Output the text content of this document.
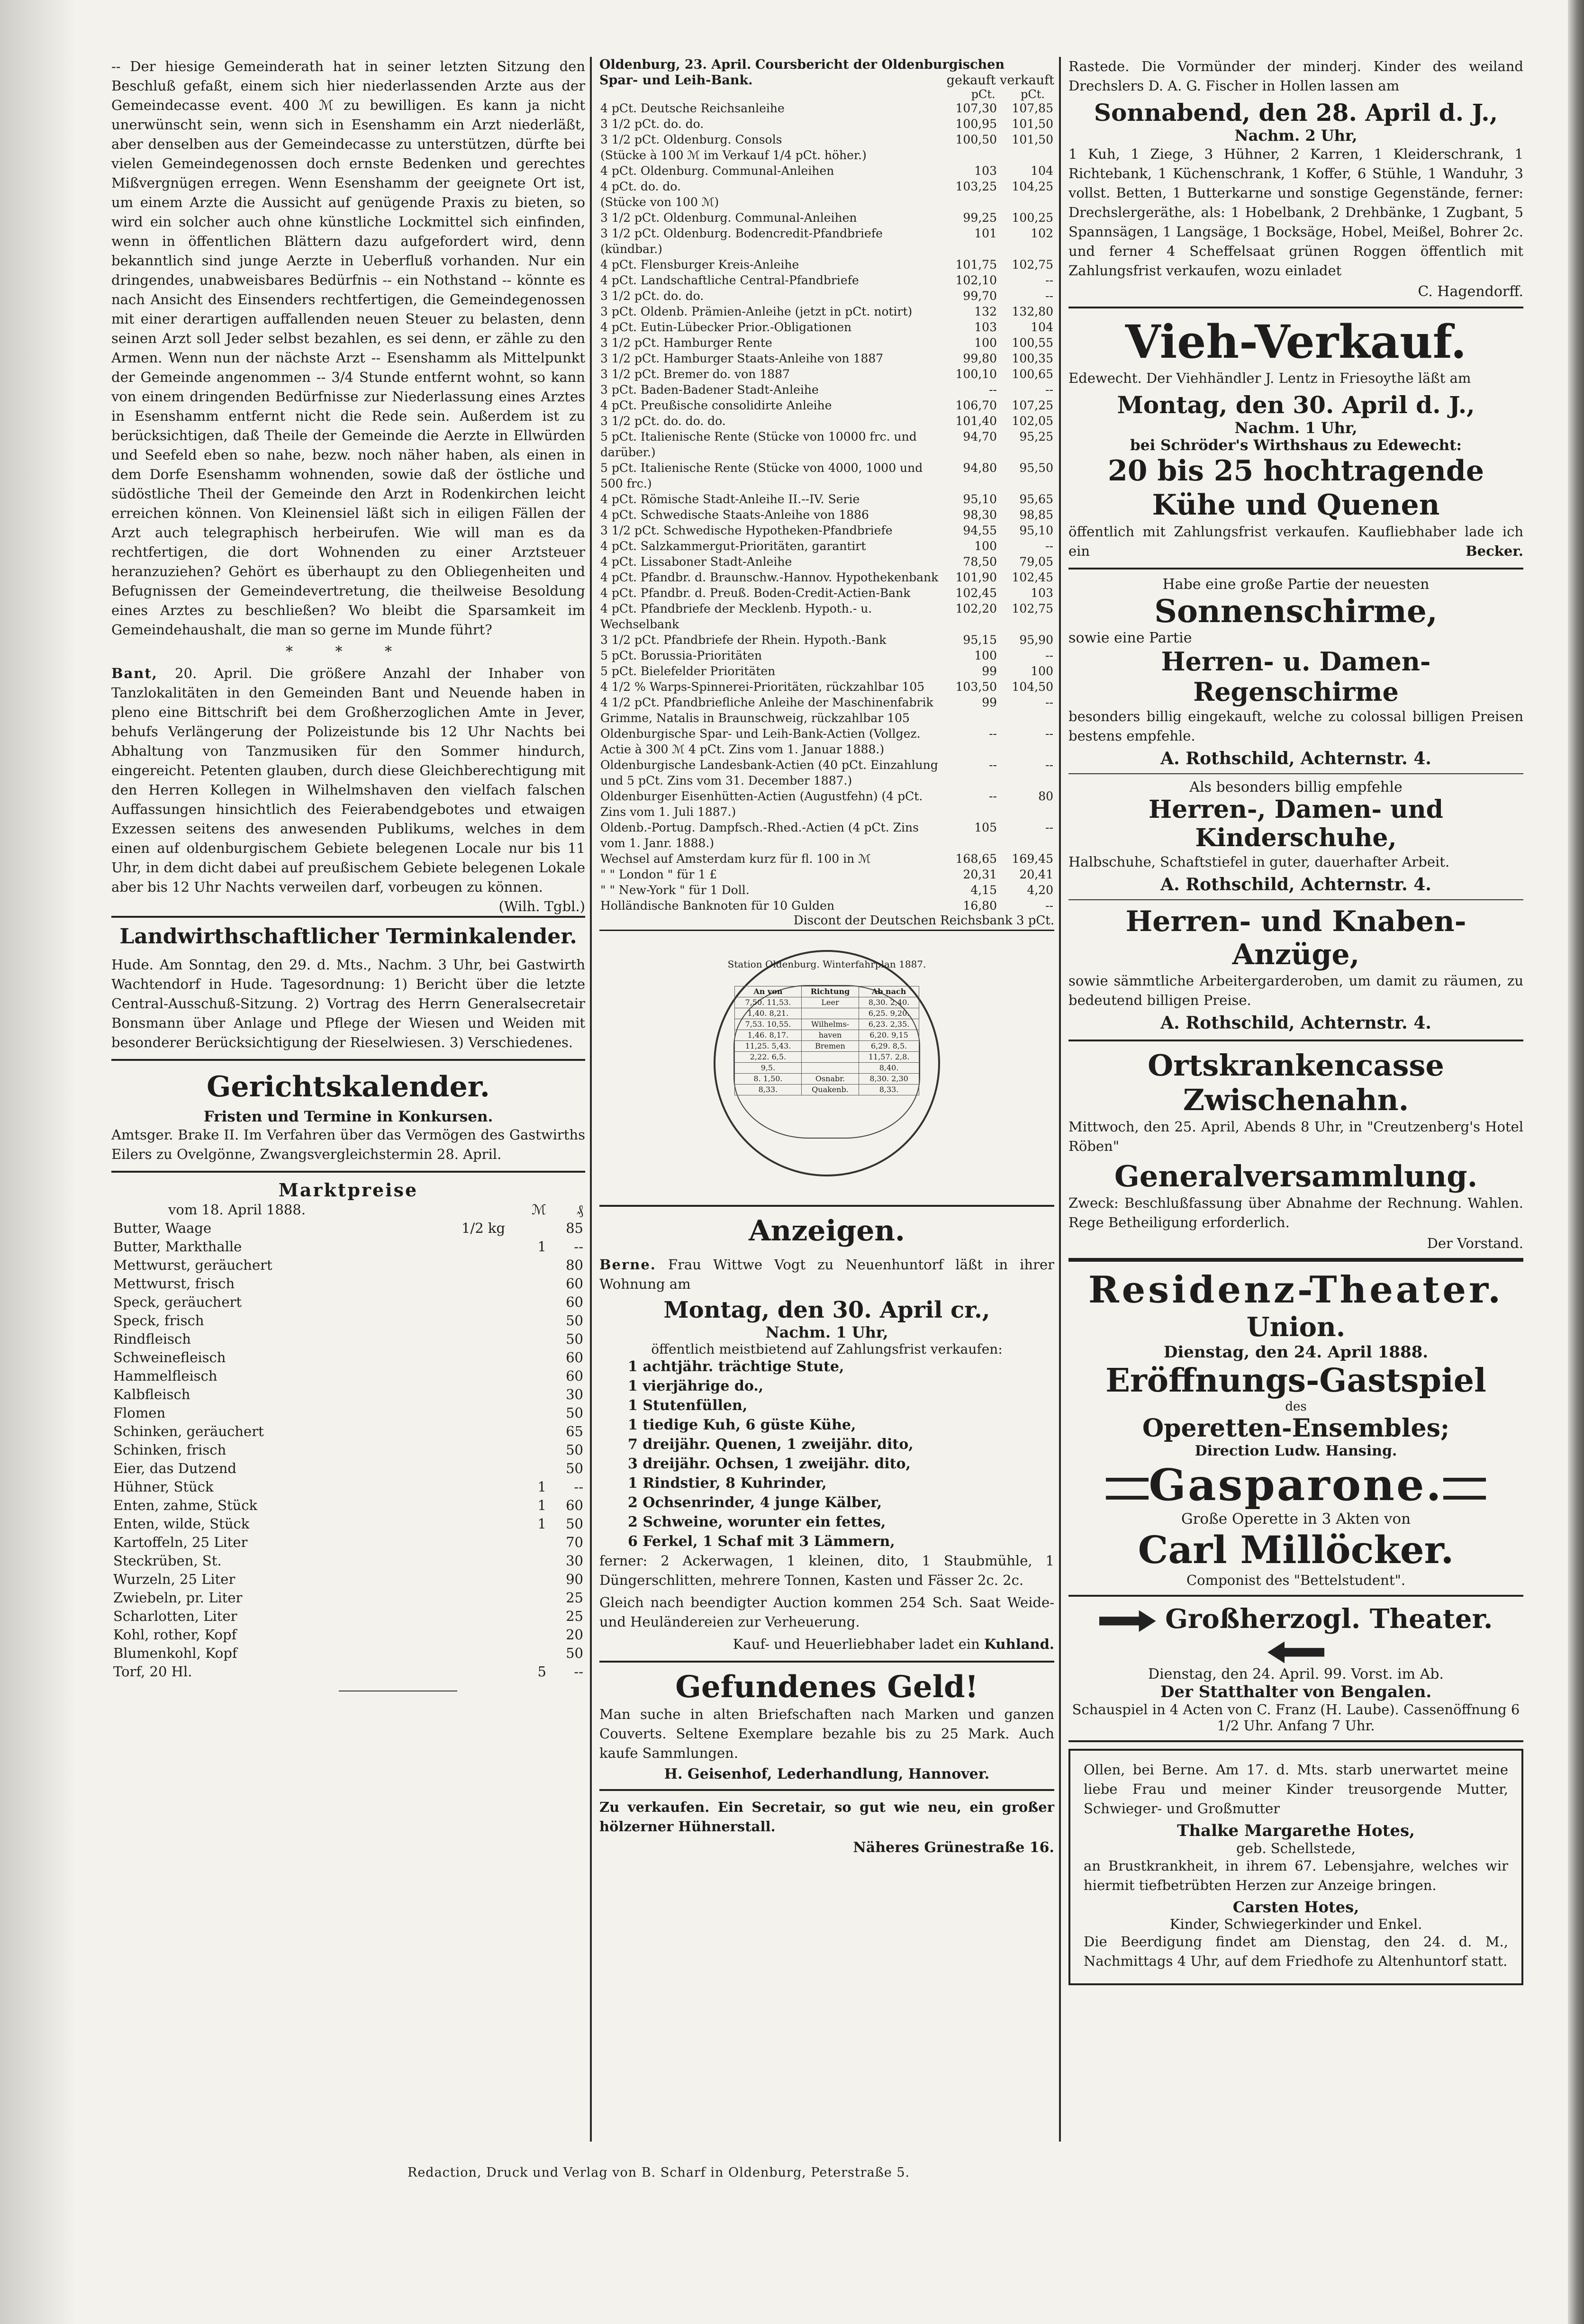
-- Der hiesige Gemeinderath hat in seiner letzten Sitzung den Beschluß gefaßt, einem sich hier niederlassenden Arzte aus der Gemeindecasse event. 400 ℳ zu bewilligen. Es kann ja nicht unerwünscht sein, wenn sich in Esenshamm ein Arzt niederläßt, aber denselben aus der Gemeindecasse zu unterstützen, dürfte bei vielen Gemeindegenossen doch ernste Bedenken und gerechtes Mißvergnügen erregen. Wenn Esenshamm der geeignete Ort ist, um einem Arzte die Aussicht auf genügende Praxis zu bieten, so wird ein solcher auch ohne künstliche Lockmittel sich einfinden, wenn in öffentlichen Blättern dazu aufgefordert wird, denn bekanntlich sind junge Aerzte in Ueberfluß vorhanden. Nur ein dringendes, unabweisbares Bedürfnis -- ein Nothstand -- könnte es nach Ansicht des Einsenders rechtfertigen, die Gemeindegenossen mit einer derartigen auffallenden neuen Steuer zu belasten, denn seinen Arzt soll Jeder selbst bezahlen, es sei denn, er zähle zu den Armen. Wenn nun der nächste Arzt -- Esenshamm als Mittelpunkt der Gemeinde angenommen -- 3/4 Stunde entfernt wohnt, so kann von einem dringenden Bedürfnisse zur Niederlassung eines Arztes in Esenshamm entfernt nicht die Rede sein. Außerdem ist zu berücksichtigen, daß Theile der Gemeinde die Aerzte in Ellwürden und Seefeld eben so nahe, bezw. noch näher haben, als einen in dem Dorfe Esenshamm wohnenden, sowie daß der östliche und südöstliche Theil der Gemeinde den Arzt in Rodenkirchen leicht erreichen können. Von Kleinensiel läßt sich in eiligen Fällen der Arzt auch telegraphisch herbeirufen. Wie will man es da rechtfertigen, die dort Wohnenden zu einer Arztsteuer heranzuziehen? Gehört es überhaupt zu den Obliegenheiten und Befugnissen der Gemeindevertretung, die theilweise Besoldung eines Arztes zu beschließen? Wo bleibt die Sparsamkeit im Gemeindehaushalt, die man so gerne im Munde führt?

* * *

Bant, 20. April. Die größere Anzahl der Inhaber von Tanzlokalitäten in den Gemeinden Bant und Neuende haben in pleno eine Bittschrift bei dem Großherzoglichen Amte in Jever, behufs Verlängerung der Polizeistunde bis 12 Uhr Nachts bei Abhaltung von Tanzmusiken für den Sommer hindurch, eingereicht. Petenten glauben, durch diese Gleichberechtigung mit den Herren Kollegen in Wilhelmshaven den vielfach falschen Auffassungen hinsichtlich des Feierabendgebotes und etwaigen Exzessen seitens des anwesenden Publikums, welches in dem einen auf oldenburgischem Gebiete belegenen Locale nur bis 11 Uhr, in dem dicht dabei auf preußischem Gebiete belegenen Lokale aber bis 12 Uhr Nachts verweilen darf, vorbeugen zu können.
(Wilh. Tgbl.)

Landwirthschaftlicher Terminkalender.

Hude. Am Sonntag, den 29. d. Mts., Nachm. 3 Uhr, bei Gastwirth Wachtendorf in Hude. Tagesordnung: 1) Bericht über die letzte Central-Ausschuß-Sitzung. 2) Vortrag des Herrn Generalsecretair Bonsmann über Anlage und Pflege der Wiesen und Weiden mit besonderer Berücksichtigung der Rieselwiesen. 3) Verschiedenes.

Gerichtskalender.
Fristen und Termine in Konkursen.

Amtsger. Brake II. Im Verfahren über das Vermögen des Gastwirths Eilers zu Ovelgönne, Zwangsvergleichstermin 28. April.

Marktpreise
vom 18. April 1888.		ℳ	₰
Butter, Waage	1/2 kg		85
Butter, Markthalle		1	--
Mettwurst, geräuchert			80
Mettwurst, frisch			60
Speck, geräuchert			60
Speck, frisch			50
Rindfleisch			50
Schweinefleisch			60
Hammelfleisch			60
Kalbfleisch			30
Flomen			50
Schinken, geräuchert			65
Schinken, frisch			50
Eier, das Dutzend			50
Hühner, Stück		1	--
Enten, zahme, Stück		1	60
Enten, wilde, Stück		1	50
Kartoffeln, 25 Liter			70
Steckrüben, St.			30
Wurzeln, 25 Liter			90
Zwiebeln, pr. Liter			25
Scharlotten, Liter			25
Kohl, rother, Kopf			20
Blumenkohl, Kopf			50
Torf, 20 Hl.		5	--
Oldenburg, 23. April. Coursbericht der Oldenburgischen
Spar- und Leih-Bank.	gekauft verkauft
pCt. pCt.
4 pCt. Deutsche Reichsanleihe	107,30	107,85
3 1/2 pCt. do. do.	100,95	101,50
3 1/2 pCt. Oldenburg. Consols	100,50	101,50
(Stücke à 100 ℳ im Verkauf 1/4 pCt. höher.)		
4 pCt. Oldenburg. Communal-Anleihen	103	104
4 pCt. do. do.	103,25	104,25
(Stücke von 100 ℳ)		
3 1/2 pCt. Oldenburg. Communal-Anleihen	99,25	100,25
3 1/2 pCt. Oldenburg. Bodencredit-Pfandbriefe (kündbar.)	101	102
4 pCt. Flensburger Kreis-Anleihe	101,75	102,75
4 pCt. Landschaftliche Central-Pfandbriefe	102,10	--
3 1/2 pCt. do. do.	99,70	--
3 pCt. Oldenb. Prämien-Anleihe (jetzt in pCt. notirt)	132	132,80
4 pCt. Eutin-Lübecker Prior.-Obligationen	103	104
3 1/2 pCt. Hamburger Rente	100	100,55
3 1/2 pCt. Hamburger Staats-Anleihe von 1887	99,80	100,35
3 1/2 pCt. Bremer do. von 1887	100,10	100,65
3 pCt. Baden-Badener Stadt-Anleihe	--	--
4 pCt. Preußische consolidirte Anleihe	106,70	107,25
3 1/2 pCt. do. do. do.	101,40	102,05
5 pCt. Italienische Rente (Stücke von 10000 frc. und darüber.)	94,70	95,25
5 pCt. Italienische Rente (Stücke von 4000, 1000 und 500 frc.)	94,80	95,50
4 pCt. Römische Stadt-Anleihe II.--IV. Serie	95,10	95,65
4 pCt. Schwedische Staats-Anleihe von 1886	98,30	98,85
3 1/2 pCt. Schwedische Hypotheken-Pfandbriefe	94,55	95,10
4 pCt. Salzkammergut-Prioritäten, garantirt	100	--
4 pCt. Lissaboner Stadt-Anleihe	78,50	79,05
4 pCt. Pfandbr. d. Braunschw.-Hannov. Hypothekenbank	101,90	102,45
4 pCt. Pfandbr. d. Preuß. Boden-Credit-Actien-Bank	102,45	103
4 pCt. Pfandbriefe der Mecklenb. Hypoth.- u. Wechselbank	102,20	102,75
3 1/2 pCt. Pfandbriefe der Rhein. Hypoth.-Bank	95,15	95,90
5 pCt. Borussia-Prioritäten	100	--
5 pCt. Bielefelder Prioritäten	99	100
4 1/2 % Warps-Spinnerei-Prioritäten, rückzahlbar 105	103,50	104,50
4 1/2 pCt. Pfandbriefliche Anleihe der Maschinenfabrik Grimme, Natalis in Braunschweig, rückzahlbar 105	99	--
Oldenburgische Spar- und Leih-Bank-Actien (Vollgez. Actie à 300 ℳ 4 pCt. Zins vom 1. Januar 1888.)	--	--
Oldenburgische Landesbank-Actien (40 pCt. Einzahlung und 5 pCt. Zins vom 31. December 1887.)	--	--
Oldenburger Eisenhütten-Actien (Augustfehn) (4 pCt. Zins vom 1. Juli 1887.)	--	80
Oldenb.-Portug. Dampfsch.-Rhed.-Actien (4 pCt. Zins vom 1. Janr. 1888.)	105	--
Wechsel auf Amsterdam kurz für fl. 100 in ℳ	168,65	169,45
" " London " für 1 £	20,31	20,41
" " New-York " für 1 Doll.	4,15	4,20
Holländische Banknoten für 10 Gulden	16,80	--
Discont der Deutschen Reichsbank 3 pCt.
Station Oldenburg. Winterfahrplan 1887.
An von	Richtung	Ab nach
7,50. 11,53.	Leer	8,30. 2,40.
1,40. 8,21.		6,25. 9,20.
7,53. 10,55.	Wilhelms-	6,23. 2,35.
1,46. 8,17.	haven	6,20. 9,15
11,25. 5,43.	Bremen	6,29. 8,5.
2,22. 6,5.		11,57. 2,8.
9,5.		8,40.
8. 1,50.	Osnabr.	8,30. 2,30
8,33.	Quakenb.	8,33.
Anzeigen.

Berne. Frau Wittwe Vogt zu Neuenhuntorf läßt in ihrer Wohnung am

Montag, den 30. April cr.,
Nachm. 1 Uhr,
öffentlich meistbietend auf Zahlungsfrist verkaufen:
1 achtjähr. trächtige Stute,
1 vierjährige do.,
1 Stutenfüllen,
1 tiedige Kuh, 6 güste Kühe,
7 dreijähr. Quenen, 1 zweijähr. dito,
3 dreijähr. Ochsen, 1 zweijähr. dito,
1 Rindstier, 8 Kuhrinder,
2 Ochsenrinder, 4 junge Kälber,
2 Schweine, worunter ein fettes,
6 Ferkel, 1 Schaf mit 3 Lämmern,

ferner: 2 Ackerwagen, 1 kleinen, dito, 1 Staubmühle, 1 Düngerschlitten, mehrere Tonnen, Kasten und Fässer 2c. 2c.

Gleich nach beendigter Auction kommen 254 Sch. Saat Weide- und Heuländereien zur Verheuerung.

Kauf- und Heuerliebhaber ladet ein Kuhland.

Gefundenes Geld!

Man suche in alten Briefschaften nach Marken und ganzen Couverts. Seltene Exemplare bezahle bis zu 25 Mark. Auch kaufe Sammlungen.

H. Geisenhof, Lederhandlung, Hannover.

Zu verkaufen. Ein Secretair, so gut wie neu, ein großer hölzerner Hühnerstall.

Näheres Grünestraße 16.

Rastede. Die Vormünder der minderj. Kinder des weiland Drechslers D. A. G. Fischer in Hollen lassen am

Sonnabend, den 28. April d. J.,
Nachm. 2 Uhr,

1 Kuh, 1 Ziege, 3 Hühner, 2 Karren, 1 Kleiderschrank, 1 Richtebank, 1 Küchenschrank, 1 Koffer, 6 Stühle, 1 Wanduhr, 3 vollst. Betten, 1 Butterkarne und sonstige Gegenstände, ferner: Drechslergeräthe, als: 1 Hobelbank, 2 Drehbänke, 1 Zugbant, 5 Spannsägen, 1 Langsäge, 1 Bocksäge, Hobel, Meißel, Bohrer 2c. und ferner 4 Scheffelsaat grünen Roggen öffentlich mit Zahlungsfrist verkaufen, wozu einladet

C. Hagendorff.
Vieh-Verkauf.

Edewecht. Der Viehhändler J. Lentz in Friesoythe läßt am

Montag, den 30. April d. J.,
Nachm. 1 Uhr,
bei Schröder's Wirthshaus zu Edewecht:
20 bis 25 hochtragende Kühe und Quenen

öffentlich mit Zahlungsfrist verkaufen. Kaufliebhaber lade ich ein	Becker.

Habe eine große Partie der neuesten
Sonnenschirme,
sowie eine Partie
Herren- u. Damen-Regenschirme

besonders billig eingekauft, welche zu colossal billigen Preisen bestens empfehle.

A. Rothschild, Achternstr. 4.
Als besonders billig empfehle
Herren-, Damen- und Kinderschuhe,

Halbschuhe, Schaftstiefel in guter, dauerhafter Arbeit.

A. Rothschild, Achternstr. 4.
Herren- und Knaben-Anzüge,

sowie sämmtliche Arbeitergarderoben, um damit zu räumen, zu bedeutend billigen Preise.

A. Rothschild, Achternstr. 4.
Ortskrankencasse Zwischenahn.

Mittwoch, den 25. April, Abends 8 Uhr, in "Creutzenberg's Hotel Röben"

Generalversammlung.

Zweck: Beschlußfassung über Abnahme der Rechnung. Wahlen. Rege Betheiligung erforderlich.

Der Vorstand.
Residenz-Theater.
Union.
Dienstag, den 24. April 1888.
Eröffnungs-Gastspiel
des
Operetten-Ensembles;
Direction Ludw. Hansing.
Gasparone.
Große Operette in 3 Akten von
Carl Millöcker.
Componist des "Bettelstudent".
Großherzogl. Theater.
Dienstag, den 24. April. 99. Vorst. im Ab.
Der Statthalter von Bengalen.
Schauspiel in 4 Acten von C. Franz (H. Laube). Cassenöffnung 6 1/2 Uhr. Anfang 7 Uhr.

Ollen, bei Berne. Am 17. d. Mts. starb unerwartet meine liebe Frau und meiner Kinder treusorgende Mutter, Schwieger- und Großmutter

Thalke Margarethe Hotes,
geb. Schellstede,

an Brustkrankheit, in ihrem 67. Lebensjahre, welches wir hiermit tiefbetrübten Herzen zur Anzeige bringen.

Carsten Hotes,
Kinder, Schwiegerkinder und Enkel.

Die Beerdigung findet am Dienstag, den 24. d. M., Nachmittags 4 Uhr, auf dem Friedhofe zu Altenhuntorf statt.

Redaction, Druck und Verlag von B. Scharf in Oldenburg, Peterstraße 5.
